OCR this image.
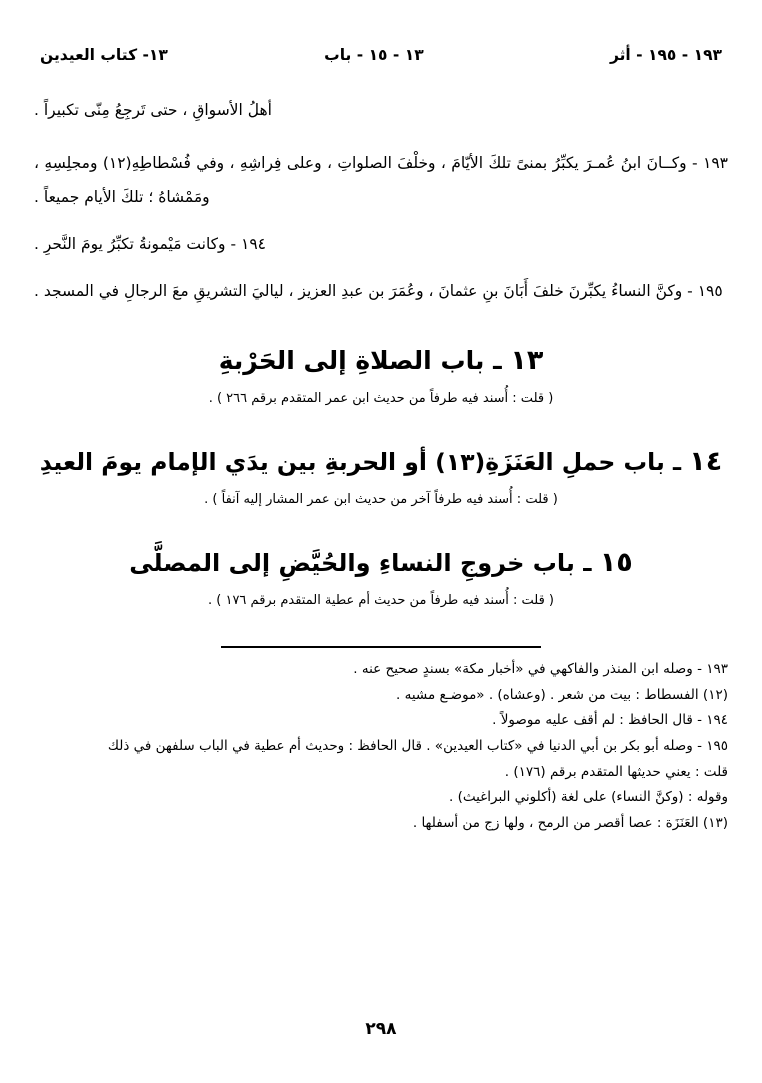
١٩٣ - ١٩٥ - أثر
١٣ - ١٥ - باب
١٣- كتاب العيدين

أهلُ الأسواقِ ، حتى تَرجِعُ مِنّى تكبيراً .

١٩٣ - وكــانَ ابنُ عُمـرَ يكبِّرُ بمنىً تلكَ الأيّامَ ، وخلْفَ الصلواتِ ، وعلى فِراشِهِ ، وفي فُسْطاطِهِ(١٢) ومجلِسِهِ ، ومَمْشاهُ ؛ تلكَ الأيام جميعاً .

١٩٤ - وكانت مَيْمونةُ تكبِّرُ يومَ النَّحرِ .

١٩٥ - وكنَّ النساءُ يكبِّرنَ خلفَ أَبَانَ بنِ عثمانَ ، وعُمَرَ بن عبدِ العزيز ، لياليَ التشريقِ معَ الرجالِ في المسجد .

١٣ ـ باب الصلاةِ إلى الحَرْبةِ

( قلت : أُسند فيه طرفاً من حديث ابن عمر المتقدم برقم ٢٦٦ ) .

١٤ ـ باب حملِ العَنَزَةِ(١٣) أو الحربةِ بين يدَي الإمام يومَ العيدِ

( قلت : أُسند فيه طرفاً آخر من حديث ابن عمر المشار إليه آنفاً ) .

١٥ ـ باب خروجِ النساءِ والحُيَّضِ إلى المصلَّى

( قلت : أُسند فيه طرفاً من حديث أم عطية المتقدم برقم ١٧٦ ) .

١٩٣ - وصله ابن المنذر والفاكهي في «أخبار مكة» بسندٍ صحيح عنه .

(١٢) الفسطاط : بيت من شعر . (وعشاه) . «موضـع مشيه .

١٩٤ - قال الحافظ : لم أقف عليه موصولاً .

١٩٥ - وصله أبو بكر بن أبي الدنيا في «كتاب العيدين» . قال الحافظ : وحديث أم عطية في الباب سلفهن في ذلك

قلت : يعني حديثها المتقدم برقم (١٧٦) .

وقوله : (وكنَّ النساء) على لغة (أكلوني البراغيث) .

(١٣) العَنَزَة : عصا أقصر من الرمح ، ولها زج من أسفلها .

٢٩٨
